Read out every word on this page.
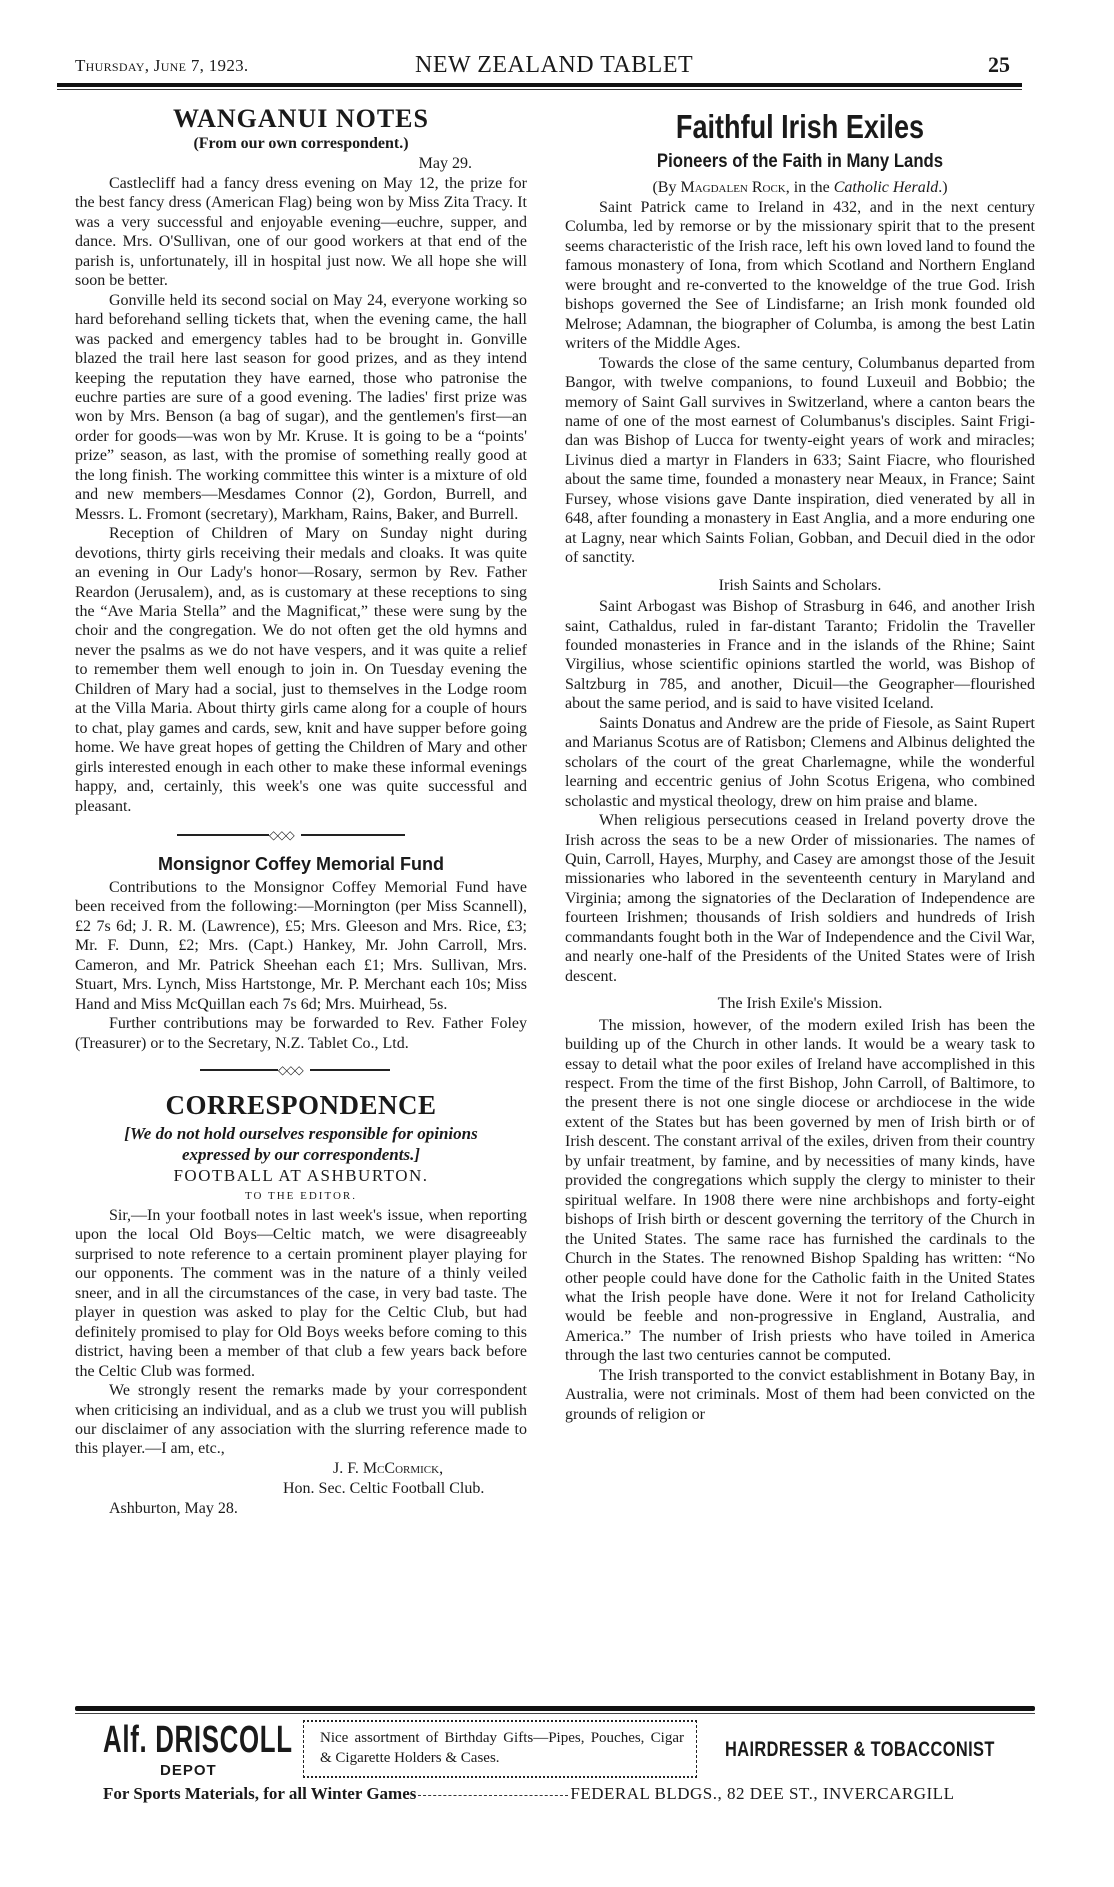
Thursday, June 7, 1923.	NEW ZEALAND TABLET	25
WANGANUI NOTES

(From our own correspondent.)

May 29.

Castlecliff had a fancy dress evening on May 12, the prize for the best fancy dress (American Flag) being won by Miss Zita Tracy. It was a very successful and enjoyable evening—euchre, supper, and dance. Mrs. O'Sullivan, one of our good workers at that end of the parish is, unfortunately, ill in hospital just now. We all hope she will soon be better.

Gonville held its second social on May 24, everyone working so hard beforehand selling tickets that, when the evening came, the hall was packed and emergency tables had to be brought in. Gonville blazed the trail here last season for good prizes, and as they intend keeping the reputation they have earned, those who patronise the euchre parties are sure of a good evening. The ladies' first prize was won by Mrs. Benson (a bag of sugar), and the gentlemen's first—an order for goods—was won by Mr. Kruse. It is going to be a “points' prize” season, as last, with the promise of something really good at the long finish. The working committee this winter is a mixture of old and new members—Mesdames Connor (2), Gordon, Burrell, and Messrs. L. Fromont (secretary), Markham, Rains, Baker, and Burrell.

Reception of Children of Mary on Sunday night during devotions, thirty girls receiving their medals and cloaks. It was quite an evening in Our Lady's honor—Rosary, sermon by Rev. Father Reardon (Jerusalem), and, as is customary at these receptions to sing the “Ave Maria Stella” and the Magnificat,” these were sung by the choir and the congregation. We do not often get the old hymns and never the psalms as we do not have vespers, and it was quite a relief to remember them well enough to join in. On Tuesday evening the Children of Mary had a social, just to themselves in the Lodge room at the Villa Maria. About thirty girls came along for a couple of hours to chat, play games and cards, sew, knit and have supper before going home. We have great hopes of getting the Children of Mary and other girls interested enough in each other to make these informal evenings happy, and, certainly, this week's one was quite successful and pleasant.

◇◇◇
Monsignor Coffey Memorial Fund

Contributions to the Monsignor Coffey Memorial Fund have been received from the following:—Mornington (per Miss Scannell), £2 7s 6d; J. R. M. (Lawrence), £5; Mrs. Gleeson and Mrs. Rice, £3; Mr. F. Dunn, £2; Mrs. (Capt.) Hankey, Mr. John Carroll, Mrs. Cameron, and Mr. Patrick Sheehan each £1; Mrs. Sullivan, Mrs. Stuart, Mrs. Lynch, Miss Hartstonge, Mr. P. Merchant each 10s; Miss Hand and Miss McQuillan each 7s 6d; Mrs. Muirhead, 5s.

Further contributions may be forwarded to Rev. Father Foley (Treasurer) or to the Secretary, N.Z. Tablet Co., Ltd.

◇◇◇
CORRESPONDENCE

[We do not hold ourselves responsible for opinions

expressed by our correspondents.]

FOOTBALL AT ASHBURTON.

TO THE EDITOR.

Sir,—In your football notes in last week's issue, when reporting upon the local Old Boys—Celtic match, we were disagreeably surprised to note reference to a certain prominent player playing for our opponents. The comment was in the nature of a thinly veiled sneer, and in all the circumstances of the case, in very bad taste. The player in question was asked to play for the Celtic Club, but had definitely promised to play for Old Boys weeks before coming to this district, having been a member of that club a few years back before the Celtic Club was formed.

We strongly resent the remarks made by your correspondent when criticising an individual, and as a club we trust you will publish our disclaimer of any association with the slurring reference made to this player.—I am, etc.,

J. F. McCormick,

Hon. Sec. Celtic Football Club.

Ashburton, May 28.

Faithful Irish Exiles
Pioneers of the Faith in Many Lands

(By Magdalen Rock, in the Catholic Herald.)

Saint Patrick came to Ireland in 432, and in the next century Columba, led by remorse or by the missionary spirit that to the present seems characteristic of the Irish race, left his own loved land to found the famous monastery of Iona, from which Scotland and Northern England were brought and re-converted to the knoweldge of the true God. Irish bishops governed the See of Lindisfarne; an Irish monk founded old Melrose; Adamnan, the biographer of Columba, is among the best Latin writers of the Middle Ages.

Towards the close of the same century, Columbanus departed from Bangor, with twelve companions, to found Luxeuil and Bobbio; the memory of Saint Gall survives in Switzerland, where a canton bears the name of one of the most earnest of Columbanus's disciples. Saint Frigidan was Bishop of Lucca for twenty-eight years of work and miracles; Livinus died a martyr in Flanders in 633; Saint Fiacre, who flourished about the same time, founded a monastery near Meaux, in France; Saint Fursey, whose visions gave Dante inspiration, died venerated by all in 648, after founding a monastery in East Anglia, and a more enduring one at Lagny, near which Saints Folian, Gobban, and Decuil died in the odor of sanctity.

Irish Saints and Scholars.

Saint Arbogast was Bishop of Strasburg in 646, and another Irish saint, Cathaldus, ruled in far-distant Taranto; Fridolin the Traveller founded monasteries in France and in the islands of the Rhine; Saint Virgilius, whose scientific opinions startled the world, was Bishop of Saltzburg in 785, and another, Dicuil—the Geographer—flourished about the same period, and is said to have visited Iceland.

Saints Donatus and Andrew are the pride of Fiesole, as Saint Rupert and Marianus Scotus are of Ratisbon; Clemens and Albinus delighted the scholars of the court of the great Charlemagne, while the wonderful learning and eccentric genius of John Scotus Erigena, who combined scholastic and mystical theology, drew on him praise and blame.

When religious persecutions ceased in Ireland poverty drove the Irish across the seas to be a new Order of missionaries. The names of Quin, Carroll, Hayes, Murphy, and Casey are amongst those of the Jesuit missionaries who labored in the seventeenth century in Maryland and Virginia; among the signatories of the Declaration of Independence are fourteen Irishmen; thousands of Irish soldiers and hundreds of Irish commandants fought both in the War of Independence and the Civil War, and nearly one-half of the Presidents of the United States were of Irish descent.

The Irish Exile's Mission.

The mission, however, of the modern exiled Irish has been the building up of the Church in other lands. It would be a weary task to essay to detail what the poor exiles of Ireland have accomplished in this respect. From the time of the first Bishop, John Carroll, of Baltimore, to the present there is not one single diocese or archdiocese in the wide extent of the States but has been governed by men of Irish birth or of Irish descent. The constant arrival of the exiles, driven from their country by unfair treatment, by famine, and by necessities of many kinds, have provided the congregations which supply the clergy to minister to their spiritual welfare. In 1908 there were nine archbishops and forty-eight bishops of Irish birth or descent governing the territory of the Church in the United States. The same race has furnished the cardinals to the Church in the States. The renowned Bishop Spalding has written: “No other people could have done for the Catholic faith in the United States what the Irish people have done. Were it not for Ireland Catholicity would be feeble and non-progressive in England, Australia, and America.” The number of Irish priests who have toiled in America through the last two centuries cannot be computed.

The Irish transported to the convict establishment in Botany Bay, in Australia, were not criminals. Most of them had been convicted on the grounds of religion or

Alf. DRISCOLL
DEPOT
Nice assortment of Birthday Gifts—Pipes, Pouches, Cigar & Cigarette Holders & Cases.	HAIRDRESSER & TOBACCONIST
For Sports Materials, for all Winter Games	FEDERAL BLDGS., 82 DEE ST., INVERCARGILL
